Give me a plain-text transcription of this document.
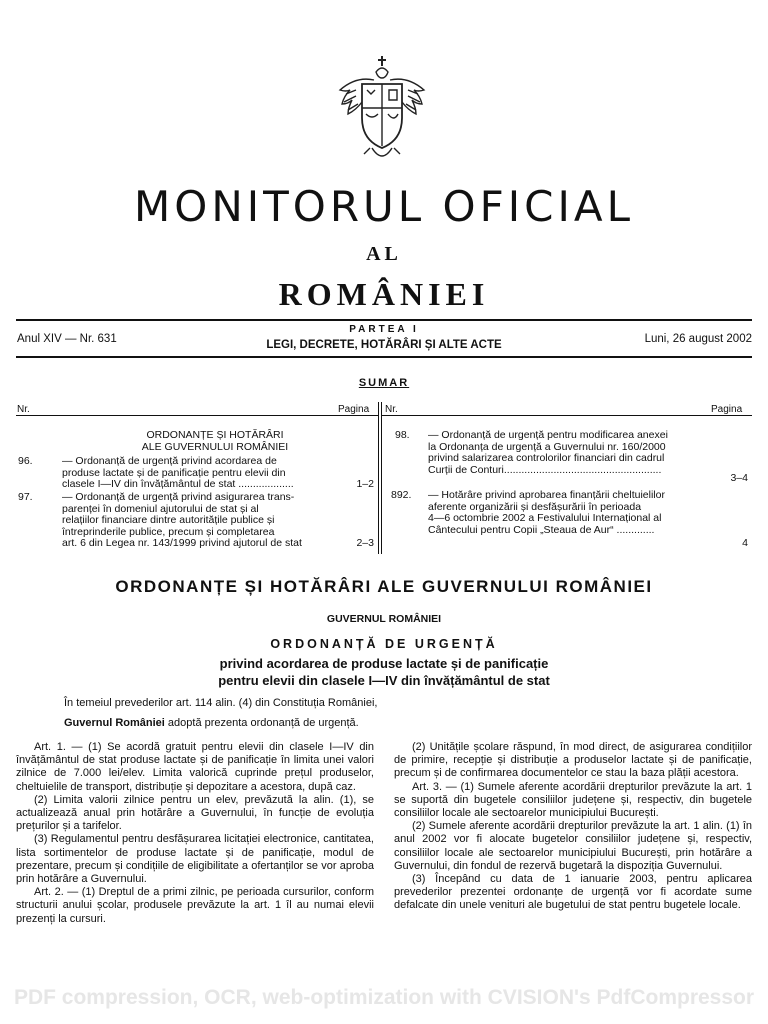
MONITORUL OFICIAL
AL
ROMÂNIEI
Anul XIV — Nr. 631
PARTEA I
LEGI, DECRETE, HOTĂRÂRI ȘI ALTE ACTE	Luni, 26 august 2002
SUMAR
Nr.	Pagina Nr.	Pagina
ORDONANȚE ȘI HOTĂRÂRI
ALE GUVERNULUI ROMÂNIEI
96.	— Ordonanță de urgență privind acordarea de
produse lactate și de panificație pentru elevii din
clasele I—IV din învățământul de stat ...................	1–2
97.	— Ordonanță de urgență privind asigurarea trans-
parenței în domeniul ajutorului de stat și al
relațiilor financiare dintre autoritățile publice și
întreprinderile publice, precum și completarea
art. 6 din Legea nr. 143/1999 privind ajutorul de stat	2–3
98.	— Ordonanță de urgență pentru modificarea anexei
la Ordonanța de urgență a Guvernului nr. 160/2000
privind salarizarea controlorilor financiari din cadrul
Curții de Conturi......................................................
3–4
892.	— Hotărâre privind aprobarea finanțării cheltuielilor
aferente organizării și desfășurării în perioada
4—6 octombrie 2002 a Festivalului Internațional al
Cântecului pentru Copii „Steaua de Aur“ .............
4
ORDONANȚE ȘI HOTĂRÂRI ALE GUVERNULUI ROMÂNIEI
GUVERNUL ROMÂNIEI
ORDONANȚĂ DE URGENȚĂ
privind acordarea de produse lactate și de panificație
pentru elevii din clasele I—IV din învățământul de stat
În temeiul prevederilor art. 114 alin. (4) din Constituția României,
Guvernul României adoptă prezenta ordonanță de urgență.

Art. 1. — (1) Se acordă gratuit pentru elevii din clasele I—IV din învățământul de stat produse lactate și de panificație în limita unei valori zilnice de 7.000 lei/elev. Limita valorică cuprinde prețul produselor, cheltuielile de transport, distribuție și depozitare a acestora, după caz.

(2) Limita valorii zilnice pentru un elev, prevăzută la alin. (1), se actualizează anual prin hotărâre a Guvernului, în funcție de evoluția prețurilor și a tarifelor.

(3) Regulamentul pentru desfășurarea licitației electronice, cantitatea, lista sortimentelor de produse lactate și de panificație, modul de prezentare, precum și condițiile de eligibilitate a ofertanților se vor aproba prin hotărâre a Guvernului.

Art. 2. — (1) Dreptul de a primi zilnic, pe perioada cursurilor, conform structurii anului școlar, produsele prevăzute la art. 1 îl au numai elevii prezenți la cursuri.

(2) Unitățile școlare răspund, în mod direct, de asigurarea condițiilor de primire, recepție și distribuție a produselor lactate și de panificație, precum și de confirmarea documentelor ce stau la baza plății acestora.

Art. 3. — (1) Sumele aferente acordării drepturilor prevăzute la art. 1 se suportă din bugetele consiliilor județene și, respectiv, din bugetele consiliilor locale ale sectoarelor municipiului București.

(2) Sumele aferente acordării drepturilor prevăzute la art. 1 alin. (1) în anul 2002 vor fi alocate bugetelor consiliilor județene și, respectiv, consiliilor locale ale sectoarelor municipiului București, prin hotărâre a Guvernului, din fondul de rezervă bugetară la dispoziția Guvernului.

(3) Începând cu data de 1 ianuarie 2003, pentru aplicarea prevederilor prezentei ordonanțe de urgență vor fi acordate sume defalcate din unele venituri ale bugetului de stat pentru bugetele locale.

PDF compression, OCR, web-optimization with CVISION's PdfCompressor
